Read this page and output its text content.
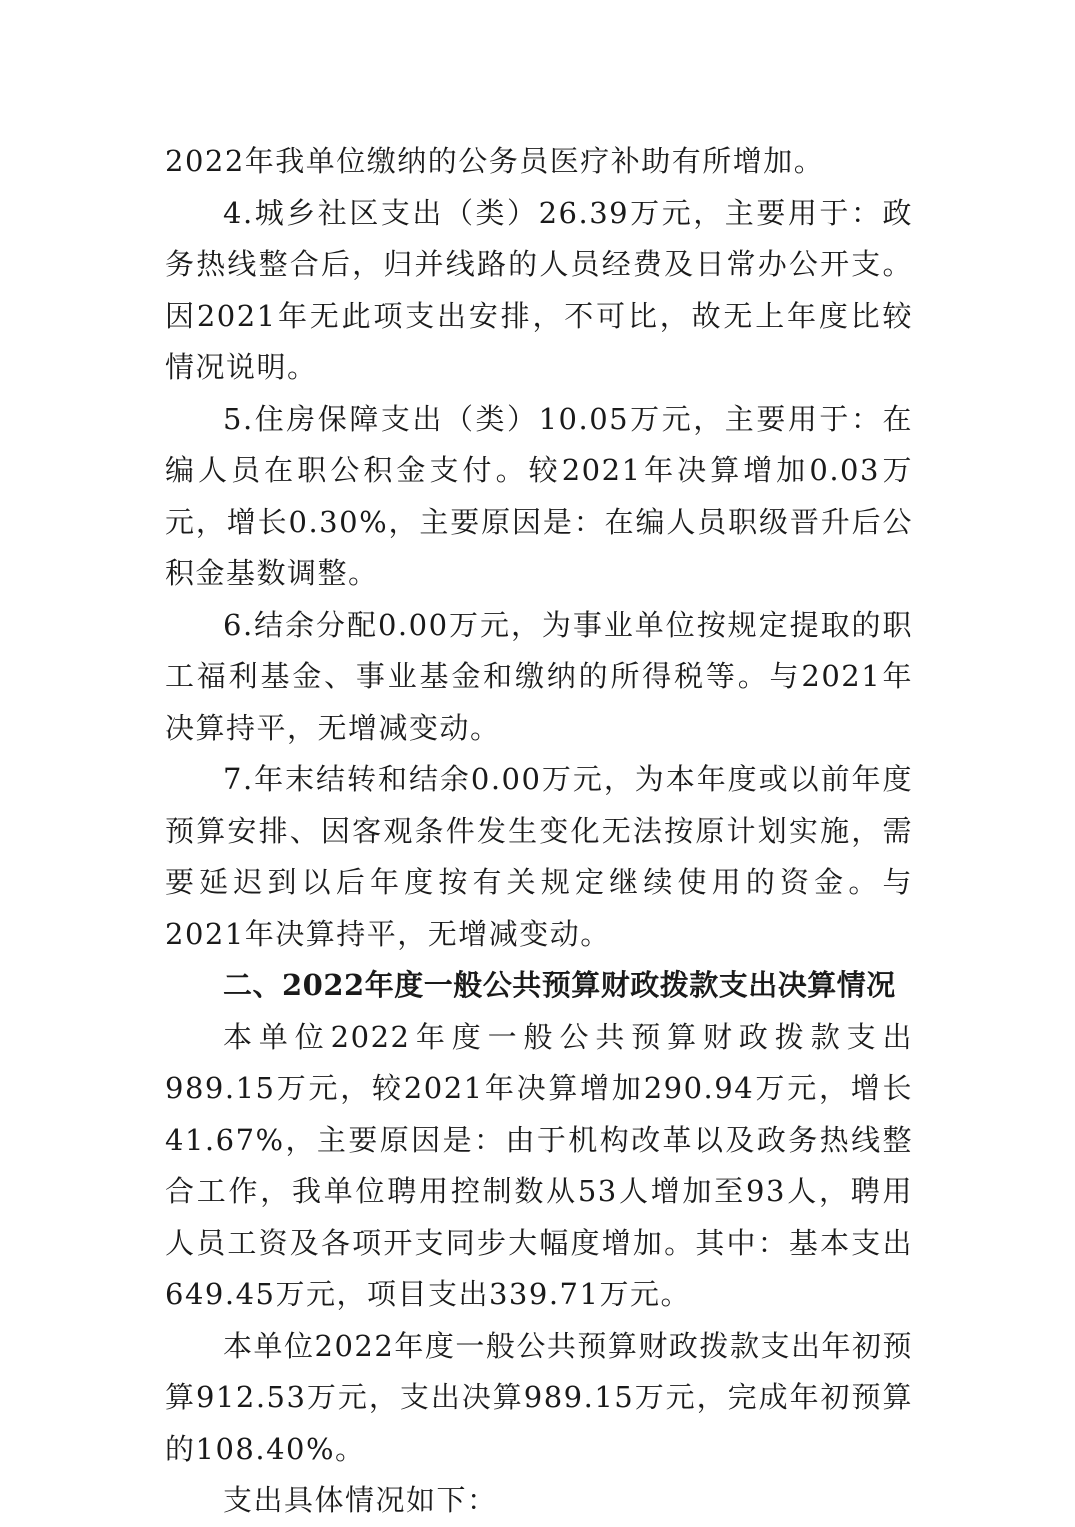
2022年我单位缴纳的公务员医疗补助有所增加。

4.城乡社区支出（类）26.39万元，主要用于：政务热线整合后，归并线路的人员经费及日常办公开支。因2021年无此项支出安排，不可比，故无上年度比较情况说明。

5.住房保障支出（类）10.05万元，主要用于：在编人员在职公积金支付。较2021年决算增加0.03万元，增长0.30%，主要原因是：在编人员职级晋升后公积金基数调整。

6.结余分配0.00万元，为事业单位按规定提取的职工福利基金、事业基金和缴纳的所得税等。与2021年决算持平，无增减变动。

7.年末结转和结余0.00万元，为本年度或以前年度预算安排、因客观条件发生变化无法按原计划实施，需要延迟到以后年度按有关规定继续使用的资金。与2021年决算持平，无增减变动。

二、2022年度一般公共预算财政拨款支出决算情况

本单位2022年度一般公共预算财政拨款支出989.15万元，较2021年决算增加290.94万元，增长41.67%，主要原因是：由于机构改革以及政务热线整合工作，我单位聘用控制数从53人增加至93人，聘用人员工资及各项开支同步大幅度增加。其中：基本支出649.45万元，项目支出339.71万元。

本单位2022年度一般公共预算财政拨款支出年初预算912.53万元，支出决算989.15万元，完成年初预算的108.40%。

支出具体情况如下：
